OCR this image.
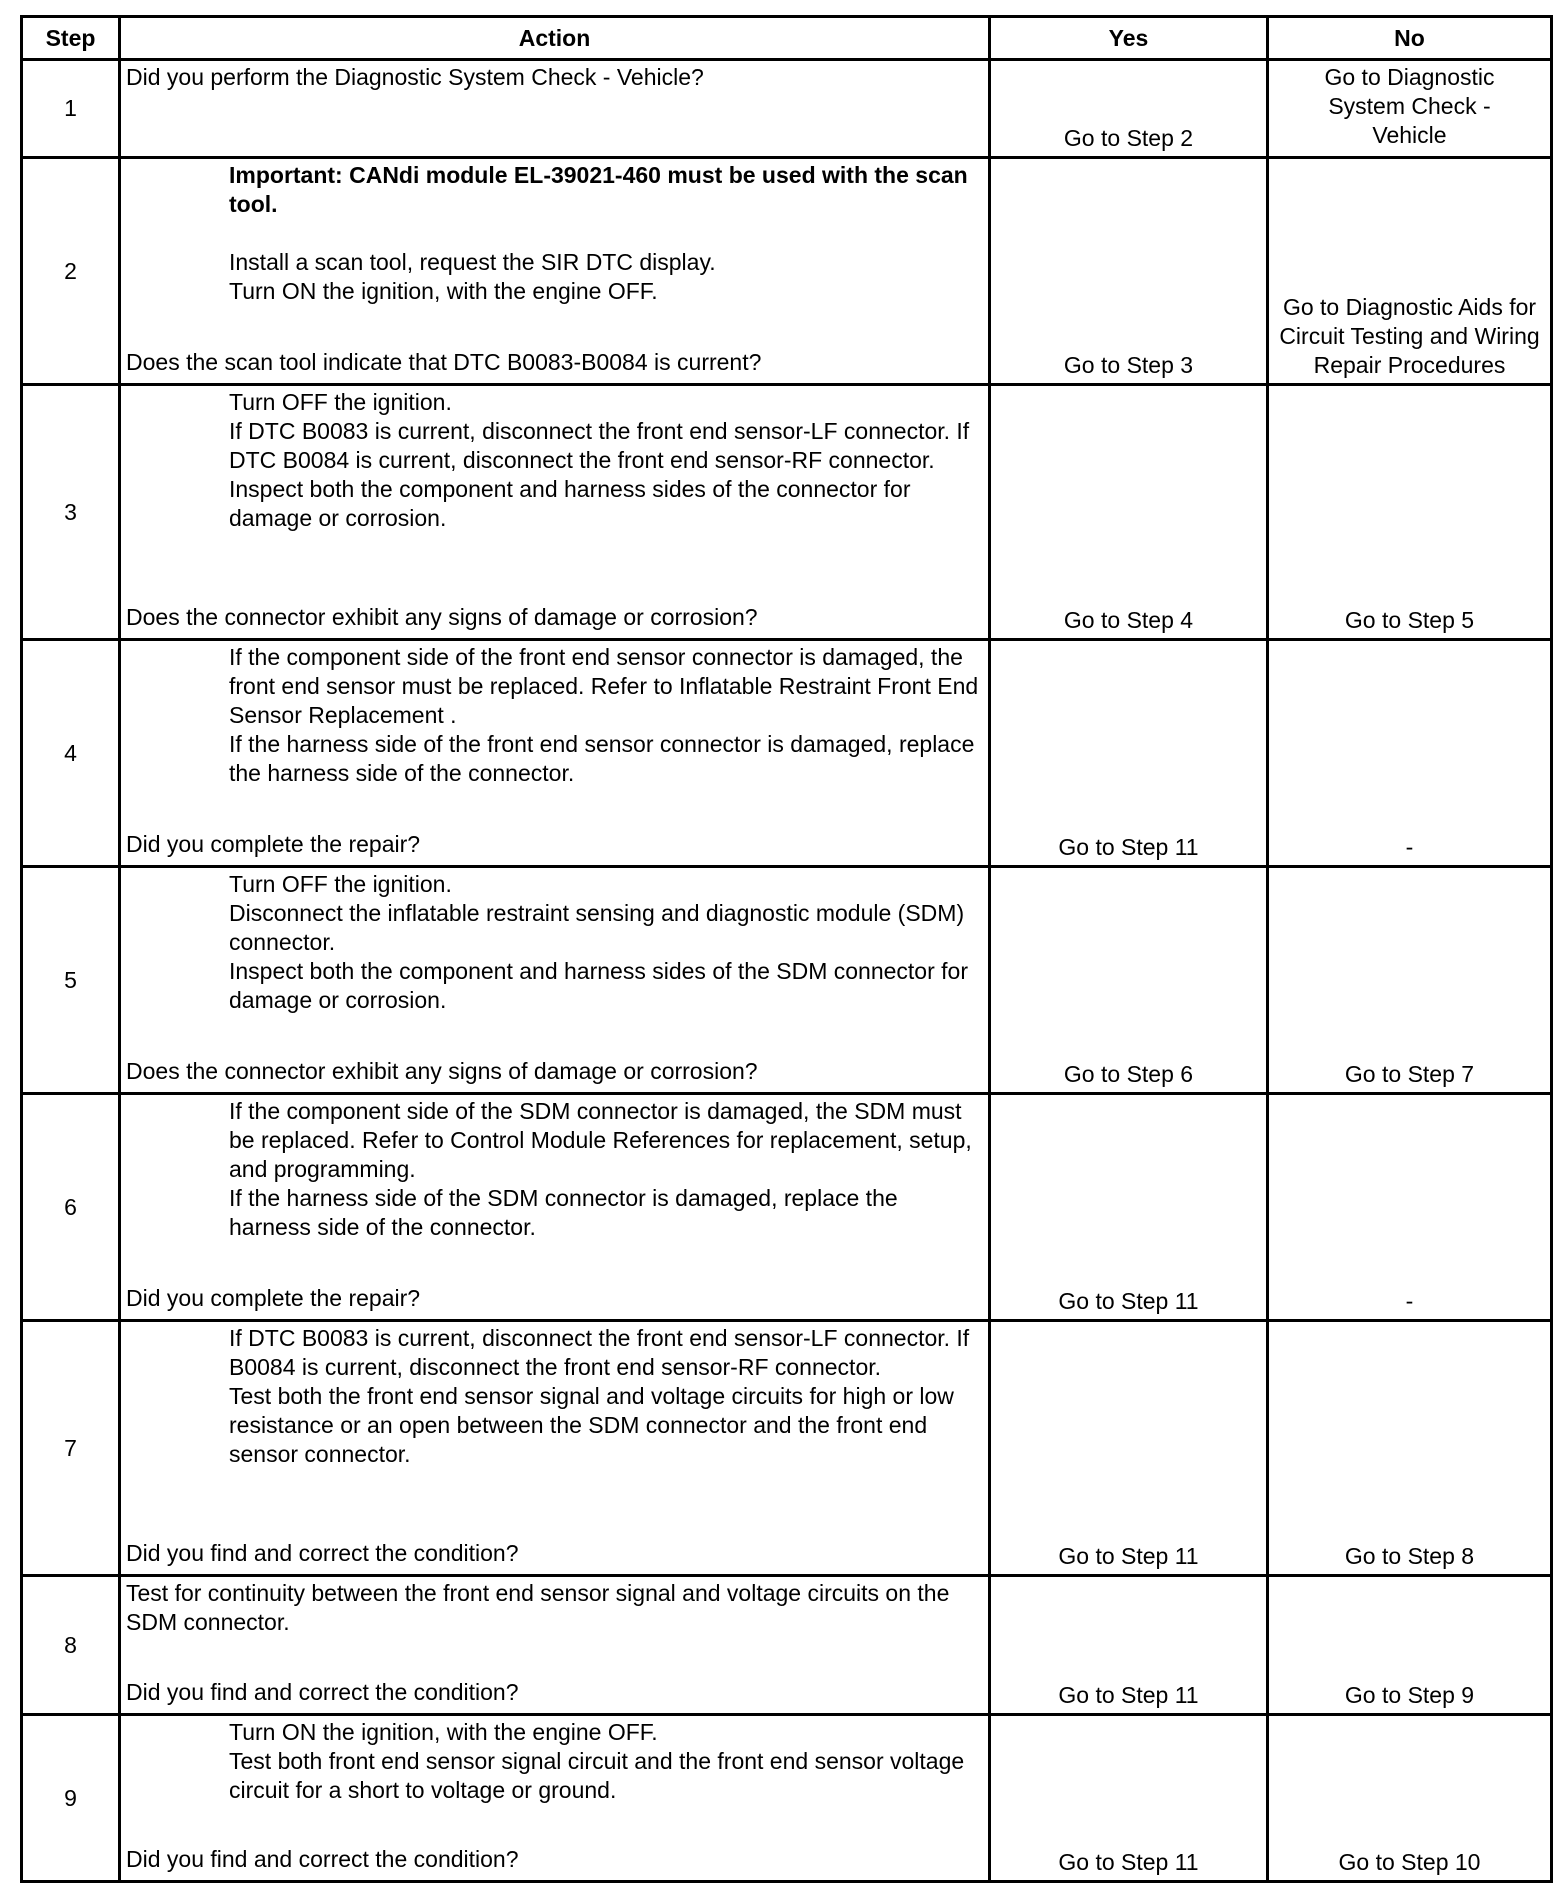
Step	Action	Yes	No
1	Did you perform the Diagnostic System Check - Vehicle?	Go to Step 2	Go to Diagnostic System Check - Vehicle

2	Important: CANdi module EL-39021-460 must be used with the scan tool.
Install a scan tool, request the SIR DTC display.
Turn ON the ignition, with the engine OFF.
Does the scan tool indicate that DTC B0083-B0084 is current?	Go to Step 3	Go to Diagnostic Aids for Circuit Testing and Wiring Repair Procedures

3	Turn OFF the ignition.
If DTC B0083 is current, disconnect the front end sensor-LF connector. If DTC B0084 is current, disconnect the front end sensor-RF connector.
Inspect both the component and harness sides of the connector for damage or corrosion.
Does the connector exhibit any signs of damage or corrosion?	Go to Step 4	Go to Step 5

4	If the component side of the front end sensor connector is damaged, the front end sensor must be replaced. Refer to Inflatable Restraint Front End Sensor Replacement .
If the harness side of the front end sensor connector is damaged, replace the harness side of the connector.
Did you complete the repair?	Go to Step 11	-

5	Turn OFF the ignition.
Disconnect the inflatable restraint sensing and diagnostic module (SDM) connector.
Inspect both the component and harness sides of the SDM connector for damage or corrosion.
Does the connector exhibit any signs of damage or corrosion?	Go to Step 6	Go to Step 7

6	If the component side of the SDM connector is damaged, the SDM must be replaced. Refer to Control Module References for replacement, setup, and programming.
If the harness side of the SDM connector is damaged, replace the harness side of the connector.
Did you complete the repair?	Go to Step 11	-

7	If DTC B0083 is current, disconnect the front end sensor-LF connector. If B0084 is current, disconnect the front end sensor-RF connector.
Test both the front end sensor signal and voltage circuits for high or low resistance or an open between the SDM connector and the front end sensor connector.
Did you find and correct the condition?	Go to Step 11	Go to Step 8

8	Test for continuity between the front end sensor signal and voltage circuits on the SDM connector.
Did you find and correct the condition?	Go to Step 11	Go to Step 9

9	Turn ON the ignition, with the engine OFF.
Test both front end sensor signal circuit and the front end sensor voltage circuit for a short to voltage or ground.
Did you find and correct the condition?	Go to Step 11	Go to Step 10
